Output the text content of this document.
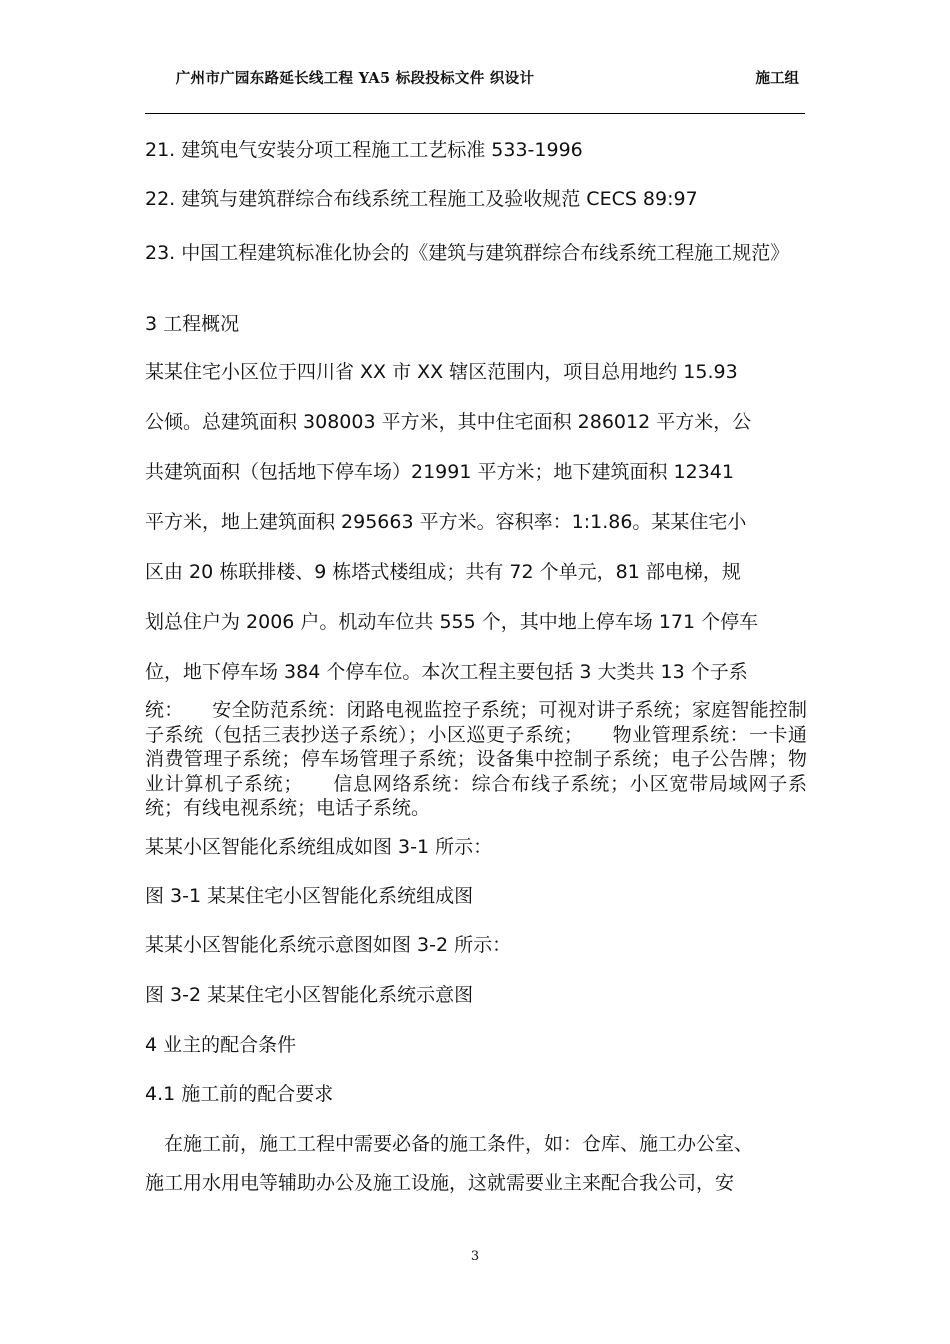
广州市广园东路延长线工程 YA5 标段投标文件 织设计	施工组

21. 建筑电气安装分项工程施工工艺标准 533-1996

22. 建筑与建筑群综合布线系统工程施工及验收规范 CECS 89:97

23. 中国工程建筑标准化协会的《建筑与建筑群综合布线系统工程施工规范》

3 工程概况

某某住宅小区位于四川省 XX 市 XX 辖区范围内，项目总用地约 15.93

公倾。总建筑面积 308003 平方米，其中住宅面积 286012 平方米，公

共建筑面积（包括地下停车场）21991 平方米；地下建筑面积 12341

平方米，地上建筑面积 295663 平方米。容积率：1:1.86。某某住宅小

区由 20 栋联排楼、9 栋塔式楼组成；共有 72 个单元，81 部电梯，规

划总住户为 2006 户。机动车位共 555 个，其中地上停车场 171 个停车

位，地下停车场 384 个停车位。本次工程主要包括 3 大类共 13 个子系

统：　　安全防范系统：闭路电视监控子系统；可视对讲子系统；家庭智能控制子系统（包括三表抄送子系统）；小区巡更子系统；　　物业管理系统：一卡通消费管理子系统；停车场管理子系统；设备集中控制子系统；电子公告牌；物业计算机子系统；　　信息网络系统：综合布线子系统；小区宽带局域网子系统；有线电视系统；电话子系统。

某某小区智能化系统组成如图 3-1 所示：

图 3-1 某某住宅小区智能化系统组成图

某某小区智能化系统示意图如图 3-2 所示：

图 3-2 某某住宅小区智能化系统示意图

4 业主的配合条件

4.1 施工前的配合要求

　在施工前，施工工程中需要必备的施工条件，如：仓库、施工办公室、

施工用水用电等辅助办公及施工设施，这就需要业主来配合我公司，安

3
